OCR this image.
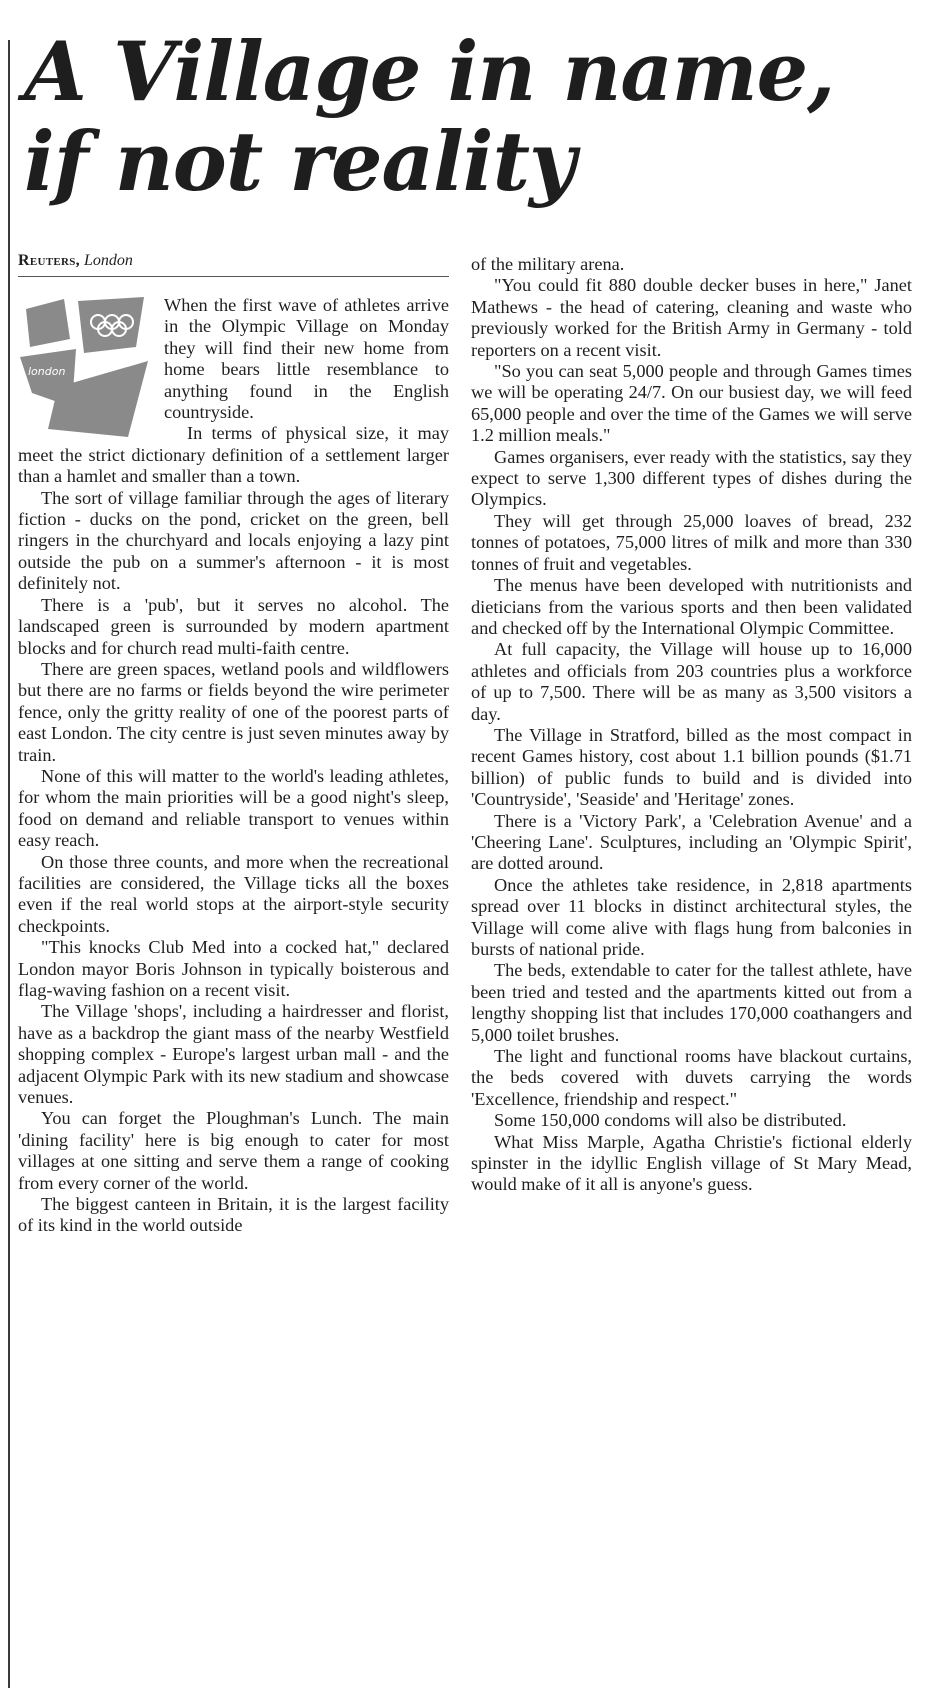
A Village in name,
if not reality
Reuters, London
london

When the first wave of athletes arrive in the Olympic Village on Monday they will find their new home from home bears little resemblance to anything found in the English countryside.

In terms of physical size, it may meet the strict dictionary definition of a settlement larger than a hamlet and smaller than a town.

The sort of village familiar through the ages of literary fiction - ducks on the pond, cricket on the green, bell ringers in the churchyard and locals enjoying a lazy pint outside the pub on a summer's afternoon - it is most definitely not.

There is a 'pub', but it serves no alcohol. The landscaped green is surrounded by modern apartment blocks and for church read multi-faith centre.

There are green spaces, wetland pools and wildflowers but there are no farms or fields beyond the wire perimeter fence, only the gritty reality of one of the poorest parts of east London. The city centre is just seven minutes away by train.

None of this will matter to the world's leading athletes, for whom the main priorities will be a good night's sleep, food on demand and reliable transport to venues within easy reach.

On those three counts, and more when the recreational facilities are considered, the Village ticks all the boxes even if the real world stops at the airport-style security checkpoints.

"This knocks Club Med into a cocked hat," declared London mayor Boris Johnson in typically boisterous and flag-waving fashion on a recent visit.

The Village 'shops', including a hairdresser and florist, have as a backdrop the giant mass of the nearby Westfield shopping complex - Europe's largest urban mall - and the adjacent Olympic Park with its new stadium and showcase venues.

You can forget the Ploughman's Lunch. The main 'dining facility' here is big enough to cater for most villages at one sitting and serve them a range of cooking from every corner of the world.

The biggest canteen in Britain, it is the largest facility of its kind in the world outside

of the military arena.

"You could fit 880 double decker buses in here," Janet Mathews - the head of catering, cleaning and waste who previously worked for the British Army in Germany - told reporters on a recent visit.

"So you can seat 5,000 people and through Games times we will be operating 24/7. On our busiest day, we will feed 65,000 people and over the time of the Games we will serve 1.2 million meals."

Games organisers, ever ready with the statistics, say they expect to serve 1,300 different types of dishes during the Olympics.

They will get through 25,000 loaves of bread, 232 tonnes of potatoes, 75,000 litres of milk and more than 330 tonnes of fruit and vegetables.

The menus have been developed with nutritionists and dieticians from the various sports and then been validated and checked off by the International Olympic Committee.

At full capacity, the Village will house up to 16,000 athletes and officials from 203 countries plus a workforce of up to 7,500. There will be as many as 3,500 visitors a day.

The Village in Stratford, billed as the most compact in recent Games history, cost about 1.1 billion pounds ($1.71 billion) of public funds to build and is divided into 'Countryside', 'Seaside' and 'Heritage' zones.

There is a 'Victory Park', a 'Celebration Avenue' and a 'Cheering Lane'. Sculptures, including an 'Olympic Spirit', are dotted around.

Once the athletes take residence, in 2,818 apartments spread over 11 blocks in distinct architectural styles, the Village will come alive with flags hung from balconies in bursts of national pride.

The beds, extendable to cater for the tallest athlete, have been tried and tested and the apartments kitted out from a lengthy shopping list that includes 170,000 coathangers and 5,000 toilet brushes.

The light and functional rooms have blackout curtains, the beds covered with duvets carrying the words 'Excellence, friendship and respect."

Some 150,000 condoms will also be distributed.

What Miss Marple, Agatha Christie's fictional elderly spinster in the idyllic English village of St Mary Mead, would make of it all is anyone's guess.
